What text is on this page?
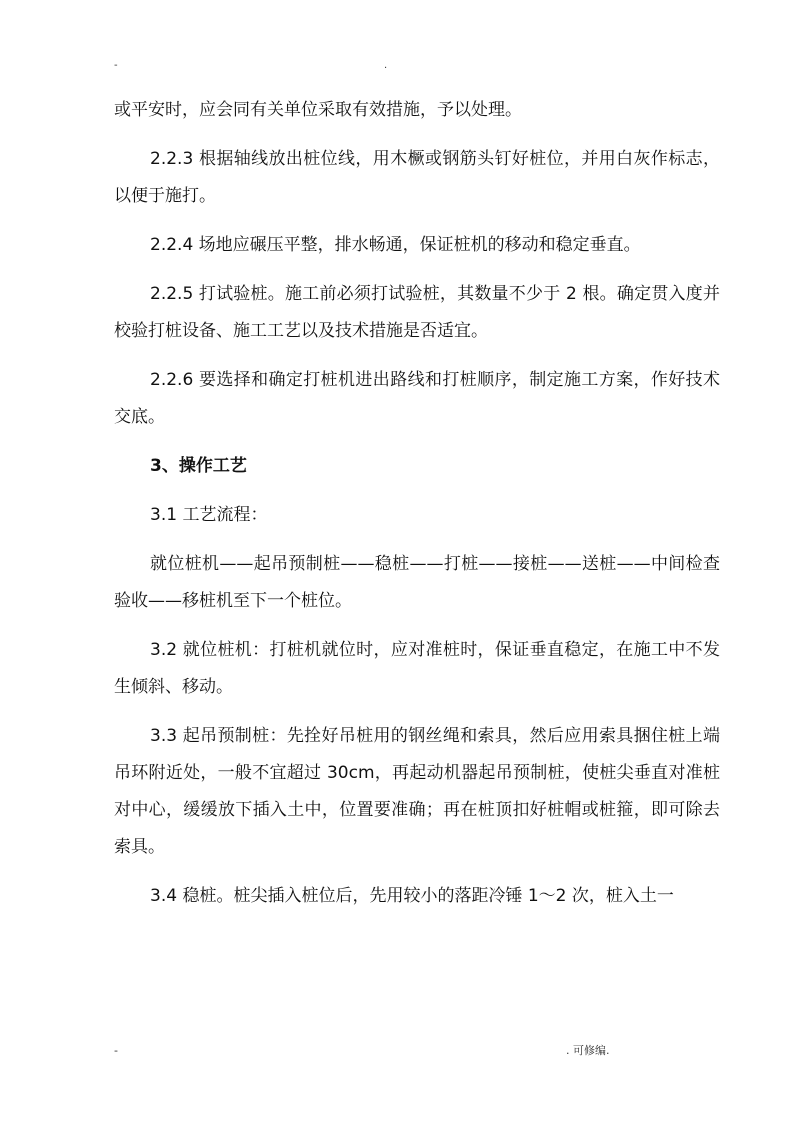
-	.

或平安时，应会同有关单位采取有效措施，予以处理。

2.2.3 根据轴线放出桩位线，用木橛或钢筋头钉好桩位，并用白灰作标志，以便于施打。

2.2.4 场地应碾压平整，排水畅通，保证桩机的移动和稳定垂直。

2.2.5 打试验桩。施工前必须打试验桩，其数量不少于 2 根。确定贯入度并校验打桩设备、施工工艺以及技术措施是否适宜。

2.2.6 要选择和确定打桩机进出路线和打桩顺序，制定施工方案，作好技术交底。

3、操作工艺

3.1 工艺流程：

就位桩机——起吊预制桩——稳桩——打桩——接桩——送桩——中间检查验收——移桩机至下一个桩位。

3.2 就位桩机：打桩机就位时，应对准桩时，保证垂直稳定，在施工中不发生倾斜、移动。

3.3 起吊预制桩：先拴好吊桩用的钢丝绳和索具，然后应用索具捆住桩上端吊环附近处，一般不宜超过 30cm，再起动机器起吊预制桩，使桩尖垂直对准桩对中心，缓缓放下插入土中，位置要准确；再在桩顶扣好桩帽或桩箍，即可除去索具。

3.4 稳桩。桩尖插入桩位后，先用较小的落距冷锤 1～2 次，桩入土一

-	. 可修编.
